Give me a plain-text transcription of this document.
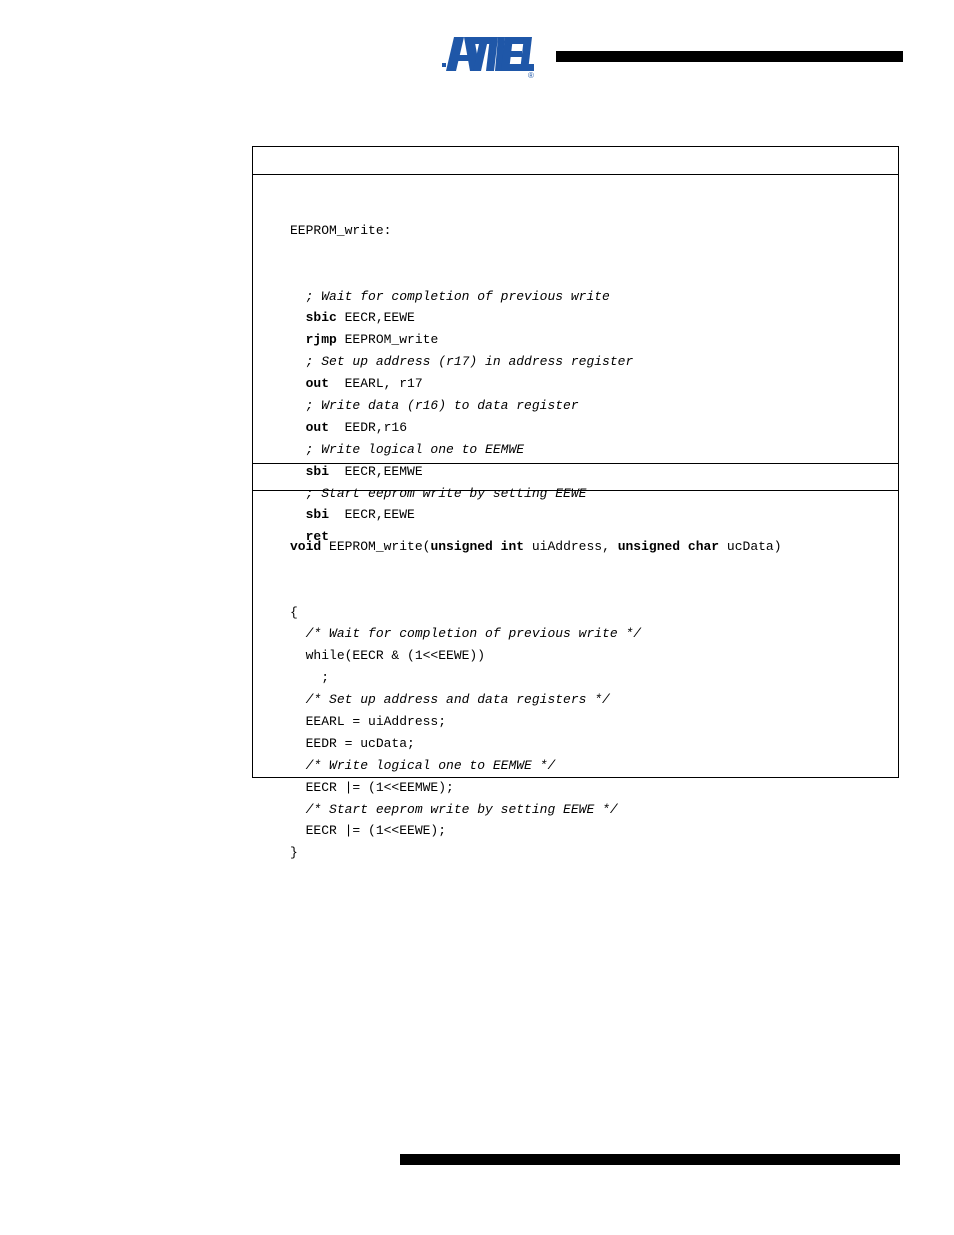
®

EEPROM_write:

; Wait for completion of previous write
sbic EECR,EEWE
rjmp EEPROM_write
; Set up address (r17) in address register
out  EEARL, r17
; Write data (r16) to data register
out  EEDR,r16
; Write logical one to EEMWE
sbi  EECR,EEMWE
; Start eeprom write by setting EEWE
sbi  EECR,EEWE
ret

void EEPROM_write(unsigned int uiAddress, unsigned char ucData)

{
/* Wait for completion of previous write */
while(EECR & (1<<EEWE))
;
/* Set up address and data registers */
EEARL = uiAddress;
EEDR = ucData;
/* Write logical one to EEMWE */
EECR |= (1<<EEMWE);
/* Start eeprom write by setting EEWE */
EECR |= (1<<EEWE);
}
